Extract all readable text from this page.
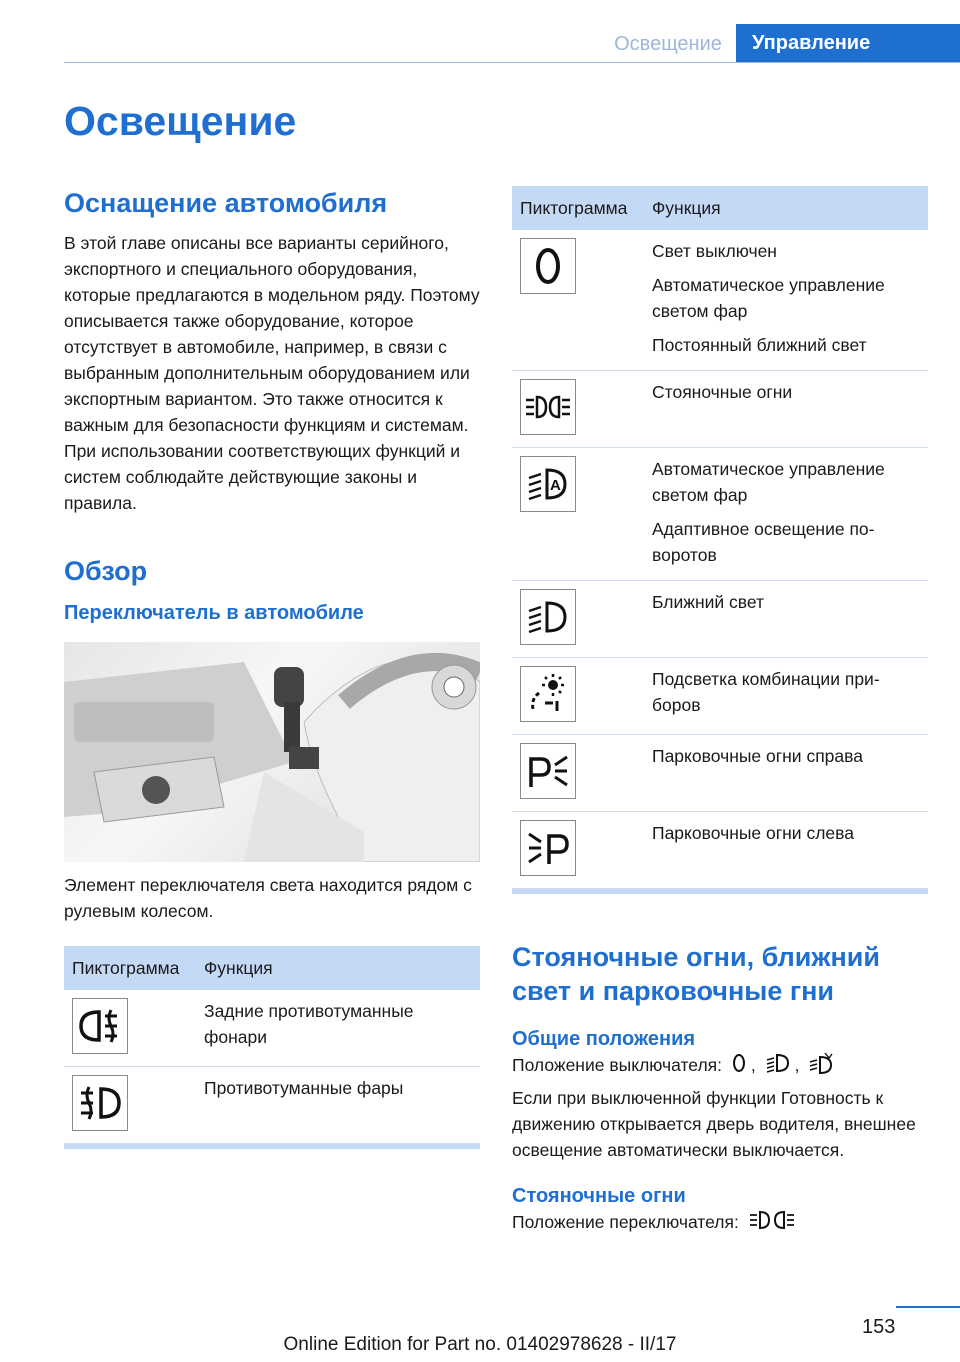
Освещение	Управление
Освещение
Оснащение автомобиля

В этой главе описаны все варианты серийного, экспортного и специального оборудования, которые предлагаются в модельном ряду. Поэтому описывается также оборудование, которое отсутствует в автомобиле, например, в связи с выбранным дополнительным оборудованием или экспортным вариантом. Это также относится к важным для безопасности функциям и системам. При использовании соответствующих функций и систем соблюдайте действующие законы и правила.

Обзор
Переключатель в автомобиле

Элемент переключателя света находится рядом с рулевым колесом.

Пиктограмма	Функция

Задние противотуманные фонари

Противотуманные фары
Пиктограмма	Функция

Свет выключен
Автоматическое управление светом фар
Постоянный ближний свет

Стояночные огни

A	Автоматическое управление светом фар
Адаптивное освещение поворотов

Ближний свет

Подсветка комбинации приборов

Парковочные огни справа

Парковочные огни слева
Стояночные огни, ближний свет и парковочные гни
Общие положения

Положение выключателя: , ,

Если при выключенной функции Готовность к движению открывается дверь водителя, внешнее освещение автоматически выключается.

Стояночные огни

Положение переключателя:

153
Online Edition for Part no. 01402978628 - II/17
